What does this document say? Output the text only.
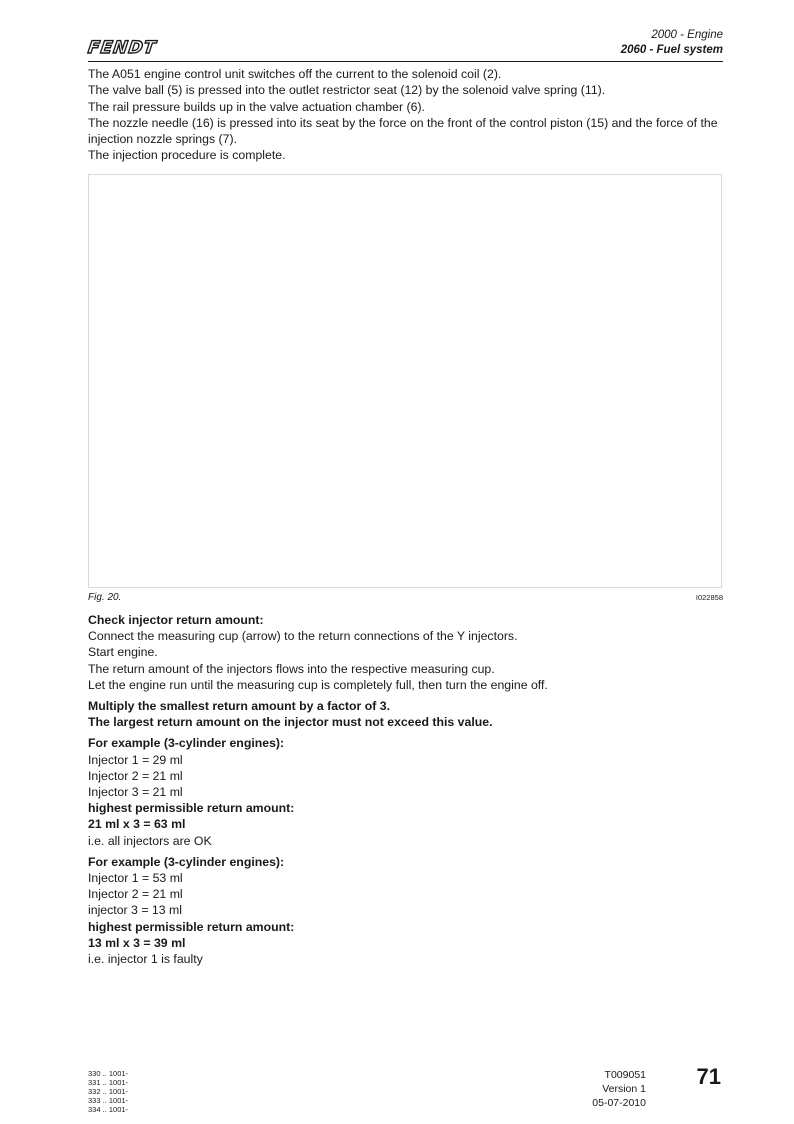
FENDT
2000 - Engine
2060 - Fuel system

The A051 engine control unit switches off the current to the solenoid coil (2).

The valve ball (5) is pressed into the outlet restrictor seat (12) by the solenoid valve spring (11).

The rail pressure builds up in the valve actuation chamber (6).

The nozzle needle (16) is pressed into its seat by the force on the front of the control piston (15) and the force of the injection nozzle springs (7).

The injection procedure is complete.

Fig. 20.	I022858

Check injector return amount:

Connect the measuring cup (arrow) to the return connections of the Y injectors.

Start engine.

The return amount of the injectors flows into the respective measuring cup.

Let the engine run until the measuring cup is completely full, then turn the engine off.

Multiply the smallest return amount by a factor of 3.

The largest return amount on the injector must not exceed this value.

For example (3-cylinder engines):

Injector 1 = 29 ml

Injector 2 = 21 ml

Injector 3 = 21 ml

highest permissible return amount:

21 ml x 3 = 63 ml

i.e. all injectors are OK

For example (3-cylinder engines):

Injector 1 = 53 ml

Injector 2 = 21 ml

injector 3 = 13 ml

highest permissible return amount:

13 ml x 3 = 39 ml

i.e. injector 1 is faulty

330 .. 1001-
331 .. 1001-
332 .. 1001-
333 .. 1001-
334 .. 1001-
T009051
Version 1
05-07-2010
71
